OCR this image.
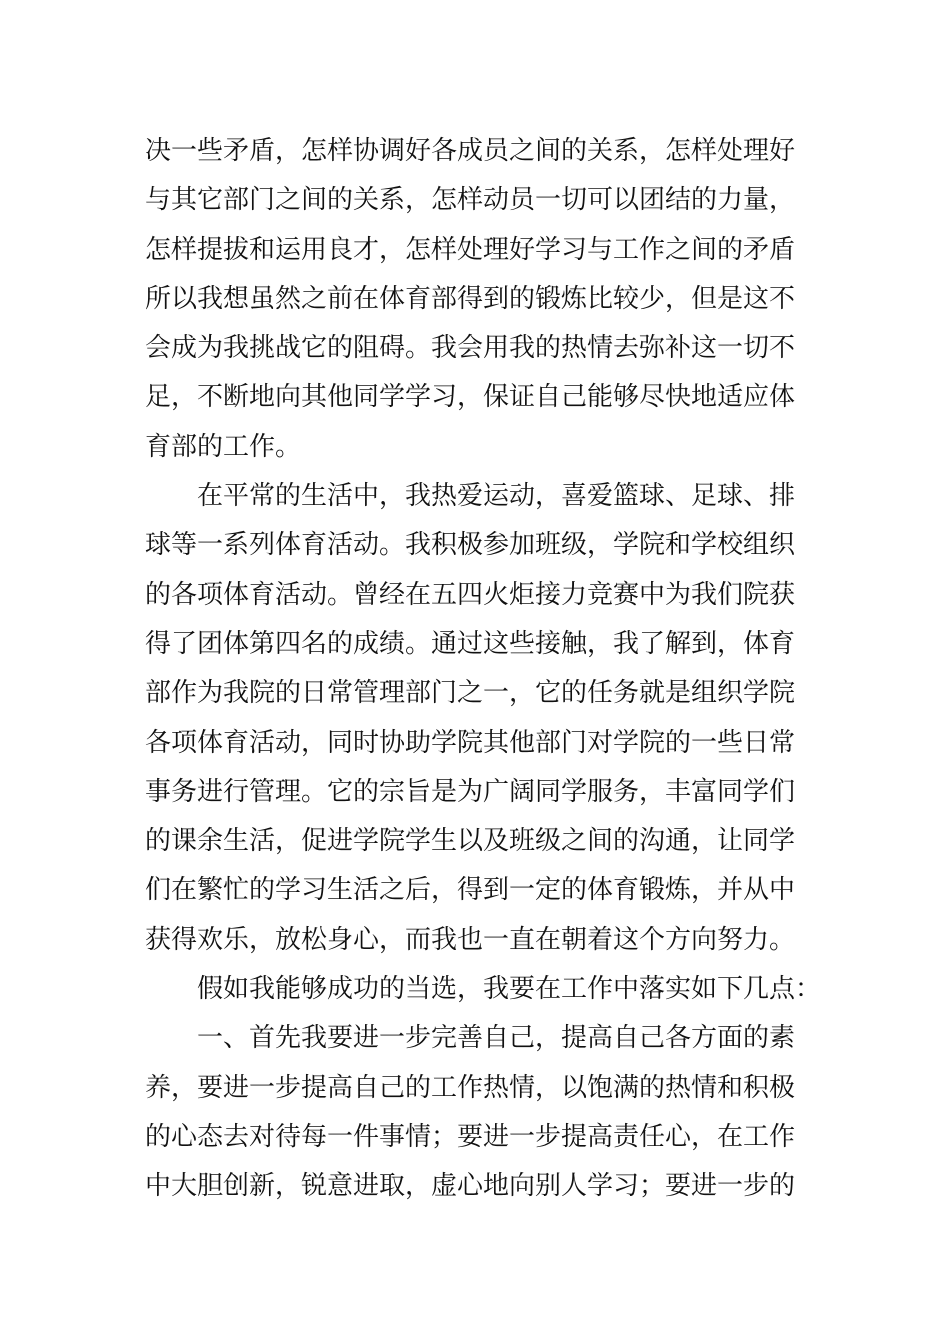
决一些矛盾，怎样协调好各成员之间的关系，怎样处理好
与其它部门之间的关系，怎样动员一切可以团结的力量，
怎样提拔和运用良才，怎样处理好学习与工作之间的矛盾
所以我想虽然之前在体育部得到的锻炼比较少，但是这不
会成为我挑战它的阻碍。我会用我的热情去弥补这一切不
足，不断地向其他同学学习，保证自己能够尽快地适应体
育部的工作。
在平常的生活中，我热爱运动，喜爱篮球、足球、排
球等一系列体育活动。我积极参加班级，学院和学校组织
的各项体育活动。曾经在五四火炬接力竞赛中为我们院获
得了团体第四名的成绩。通过这些接触，我了解到，体育
部作为我院的日常管理部门之一，它的任务就是组织学院
各项体育活动，同时协助学院其他部门对学院的一些日常
事务进行管理。它的宗旨是为广阔同学服务，丰富同学们
的课余生活，促进学院学生以及班级之间的沟通，让同学
们在繁忙的学习生活之后，得到一定的体育锻炼，并从中
获得欢乐，放松身心，而我也一直在朝着这个方向努力。
假如我能够成功的当选，我要在工作中落实如下几点：
一、首先我要进一步完善自己，提高自己各方面的素
养，要进一步提高自己的工作热情，以饱满的热情和积极
的心态去对待每一件事情；要进一步提高责任心，在工作
中大胆创新，锐意进取，虚心地向别人学习；要进一步的
